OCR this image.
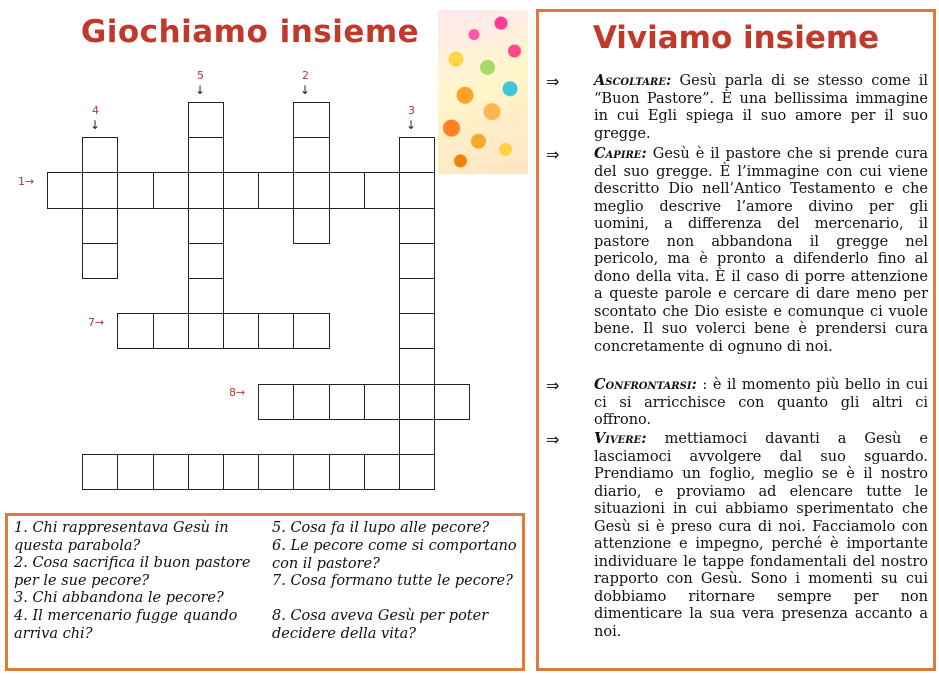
Giochiamo insieme
1→
7→
8→
4
↓
5
↓
2
↓
3
↓
1. Chi rappresentava Gesù in questa parabola?
2. Cosa sacrifica il buon pastore per le sue pecore?
3. Chi abbandona le pecore?
4. Il mercenario fugge quando arriva chi?
5. Cosa fa il lupo alle pecore?
6. Le pecore come si comportano con il pastore?
7. Cosa formano tutte le pecore?
8. Cosa aveva Gesù per poter decidere della vita?
Viviamo insieme
⇒ Ascoltare: Gesù parla di se stesso come il “Buon Pastore”. È una bellissima immagine in cui Egli spiega il suo amore per il suo gregge.
⇒ Capire: Gesù è il pastore che si prende cura del suo gregge. È l’immagine con cui viene descritto Dio nell’Antico Testamento e che meglio descrive l’amore divino per gli uomini, a differenza del mercenario, il pastore non abbandona il gregge nel pericolo, ma è pronto a difenderlo fino al dono della vita. È il caso di porre attenzione a queste parole e cercare di dare meno per scontato che Dio esiste e comunque ci vuole bene. Il suo volerci bene è prendersi cura concretamente di ognuno di noi.
⇒ Confrontarsi: : è il momento più bello in cui ci si arricchisce con quanto gli altri ci offrono.
⇒ Vivere: mettiamoci davanti a Gesù e lasciamoci avvolgere dal suo sguardo. Prendiamo un foglio, meglio se è il nostro diario, e proviamo ad elencare tutte le situazioni in cui abbiamo sperimentato che Gesù si è preso cura di noi. Facciamolo con attenzione e impegno, perché è importante individuare le tappe fondamentali del nostro rapporto con Gesù. Sono i momenti su cui dobbiamo ritornare sempre per non dimenticare la sua vera presenza accanto a noi.
